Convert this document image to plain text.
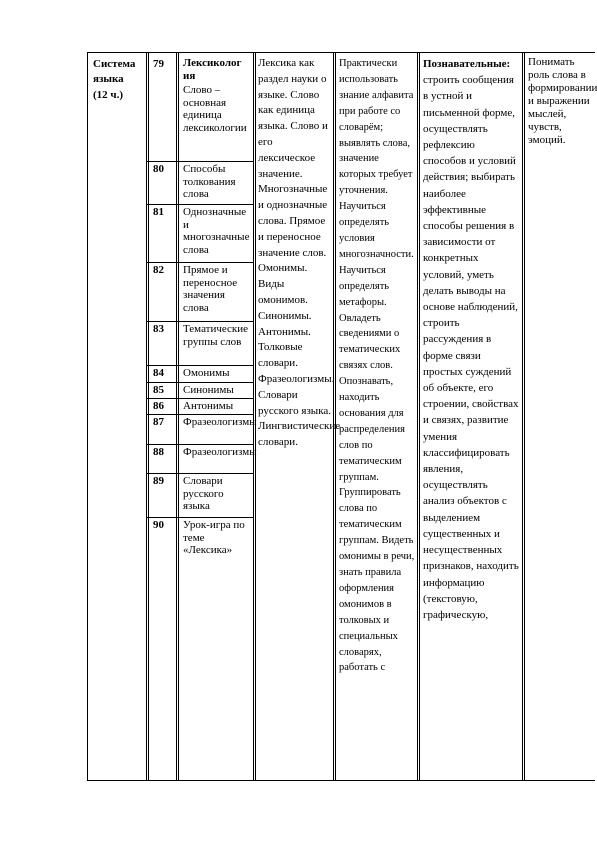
Система
языка
(12 ч.)
79
80
81
82
83
84
85
86
87
88
89
90
Лексиколог ия
Слово – основная единица лексикологии
Способы толкования слова
Однозначные и многозначные слова
Прямое и переносное значения слова
Тематические группы слов
Омонимы
Синонимы
Антонимы
Фразеологизмы
Фразеологизмы
Словари русского языка
Урок-игра по теме «Лексика»
Лексика как раздел науки о языке. Слово как единица языка. Слово и его лексическое значение. Многозначные и однозначные слова. Прямое и переносное значение слов. Омонимы. Виды омонимов. Синонимы. Антонимы. Толковые словари. Фразеологизмы. Словари русского языка. Лингвистические словари.
Практически использовать знание алфавита при работе со словарём; выявлять слова, значение которых требует уточнения. Научиться определять условия многозначности. Научиться определять метафоры. Овладеть сведениями о тематических связях слов. Опознавать, находить основания для распределения слов по тематическим группам. Группировать слова по тематическим группам. Видеть омонимы в речи, знать правила оформления омонимов в толковых и специальных словарях, работать с
Познавательные: строить сообщения в устной и письменной форме, осуществлять рефлексию способов и условий действия; выбирать наиболее эффективные способы решения в зависимости от конкретных условий, уметь делать выводы на основе наблюдений, строить рассуждения в форме связи простых суждений об объекте, его строении, свойствах и связях, развитие умения классифицировать явления, осуществлять анализ объектов с выделением существенных и несущественных признаков, находить информацию (текстовую, графическую,
Понимать роль слова в формировании и выражении мыслей, чувств, эмоций.
